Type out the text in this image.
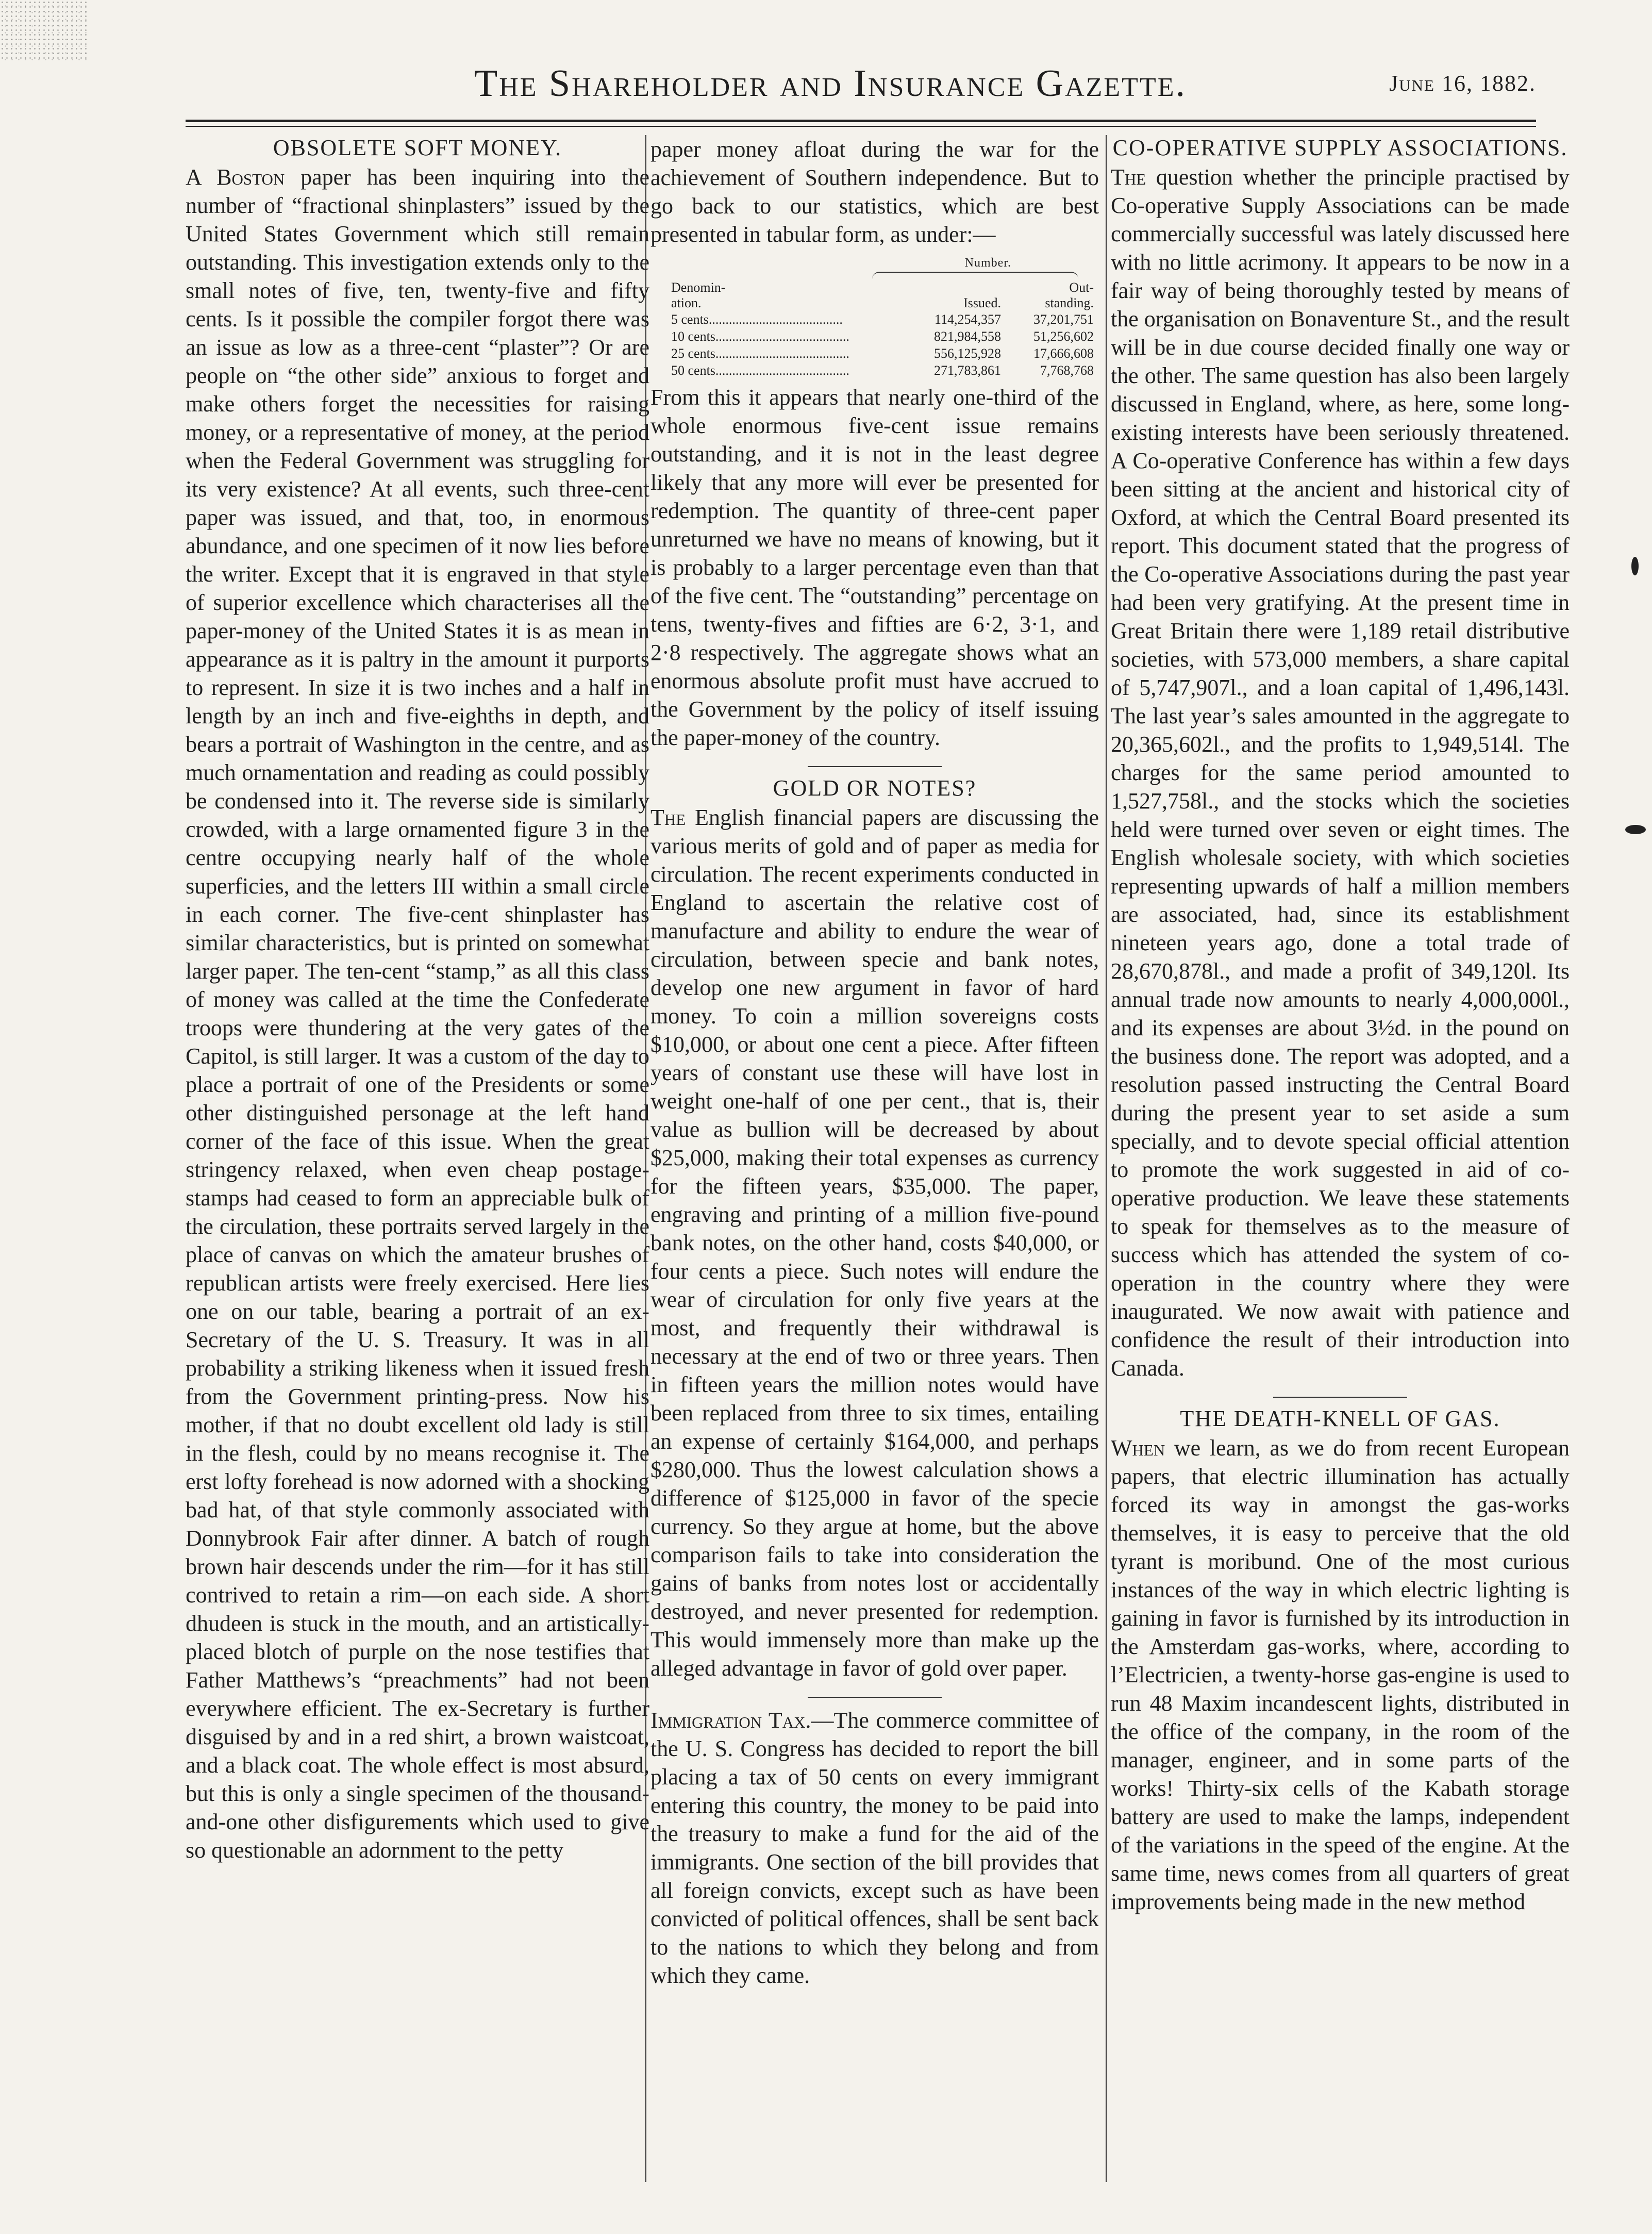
The Shareholder and Insurance Gazette.	June 16, 1882.
OBSOLETE SOFT MONEY.

A Boston paper has been inquiring into the number of “fractional shinplasters” issued by the United States Government which still remain outstanding. This investigation extends only to the small notes of five, ten, twenty-five and fifty cents. Is it possible the compiler forgot there was an issue as low as a three-cent “plaster”? Or are people on “the other side” anxious to forget and make others forget the necessities for raising money, or a representative of money, at the period when the Federal Government was struggling for its very existence? At all events, such three-cent paper was issued, and that, too, in enormous abundance, and one specimen of it now lies before the writer. Except that it is engraved in that style of superior excellence which characterises all the paper-money of the United States it is as mean in appearance as it is paltry in the amount it purports to represent. In size it is two inches and a half in length by an inch and five-eighths in depth, and bears a portrait of Washington in the centre, and as much ornamentation and reading as could possibly be condensed into it. The reverse side is similarly crowded, with a large ornamented figure 3 in the centre occupying nearly half of the whole superficies, and the letters III within a small circle in each corner. The five-cent shinplaster has similar characteristics, but is printed on somewhat larger paper. The ten-cent “stamp,” as all this class of money was called at the time the Confederate troops were thundering at the very gates of the Capitol, is still larger. It was a custom of the day to place a portrait of one of the Presidents or some other distinguished personage at the left hand corner of the face of this issue. When the great stringency relaxed, when even cheap postage-stamps had ceased to form an appreciable bulk of the circulation, these portraits served largely in the place of canvas on which the amateur brushes of republican artists were freely exercised. Here lies one on our table, bearing a portrait of an ex-Secretary of the U. S. Treasury. It was in all probability a striking likeness when it issued fresh from the Government printing-press. Now his mother, if that no doubt excellent old lady is still in the flesh, could by no means recognise it. The erst lofty forehead is now adorned with a shocking bad hat, of that style commonly associated with Donnybrook Fair after dinner. A batch of rough brown hair descends under the rim—for it has still contrived to retain a rim—on each side. A short dhudeen is stuck in the mouth, and an artistically-placed blotch of purple on the nose testifies that Father Matthews’s “preachments” had not been everywhere efficient. The ex-Secretary is further disguised by and in a red shirt, a brown waistcoat, and a black coat. The whole effect is most absurd, but this is only a single specimen of the thousand-and-one other disfigurements which used to give so questionable an adornment to the petty

paper money afloat during the war for the achievement of Southern independence. But to go back to our statistics, which are best presented in tabular form, as under:—

Number.
Denomin-	Out-
ation.	Issued.	standing.
5 cents........................................	114,254,357	37,201,751
10 cents........................................	821,984,558	51,256,602
25 cents........................................	556,125,928	17,666,608
50 cents........................................	271,783,861	7,768,768

From this it appears that nearly one-third of the whole enormous five-cent issue remains outstanding, and it is not in the least degree likely that any more will ever be presented for redemption. The quantity of three-cent paper unreturned we have no means of knowing, but it is probably to a larger percentage even than that of the five cent. The “outstanding” percentage on tens, twenty-fives and fifties are 6·2, 3·1, and 2·8 respectively. The aggregate shows what an enormous absolute profit must have accrued to the Government by the policy of itself issuing the paper-money of the country.

GOLD OR NOTES?

The English financial papers are discussing the various merits of gold and of paper as media for circulation. The recent experiments conducted in England to ascertain the relative cost of manufacture and ability to endure the wear of circulation, between specie and bank notes, develop one new argument in favor of hard money. To coin a million sovereigns costs $10,000, or about one cent a piece. After fifteen years of constant use these will have lost in weight one-half of one per cent., that is, their value as bullion will be decreased by about $25,000, making their total expenses as currency for the fifteen years, $35,000. The paper, engraving and printing of a million five-pound bank notes, on the other hand, costs $40,000, or four cents a piece. Such notes will endure the wear of circulation for only five years at the most, and frequently their withdrawal is necessary at the end of two or three years. Then in fifteen years the million notes would have been replaced from three to six times, entailing an expense of certainly $164,000, and perhaps $280,000. Thus the lowest calculation shows a difference of $125,000 in favor of the specie currency. So they argue at home, but the above comparison fails to take into consideration the gains of banks from notes lost or accidentally destroyed, and never presented for redemption. This would immensely more than make up the alleged advantage in favor of gold over paper.

Immigration Tax.—The commerce committee of the U. S. Congress has decided to report the bill placing a tax of 50 cents on every immigrant entering this country, the money to be paid into the treasury to make a fund for the aid of the immigrants. One section of the bill provides that all foreign convicts, except such as have been convicted of political offences, shall be sent back to the nations to which they belong and from which they came.

CO-OPERATIVE SUPPLY ASSOCIATIONS.

The question whether the principle practised by Co-operative Supply Associations can be made commercially successful was lately discussed here with no little acrimony. It appears to be now in a fair way of being thoroughly tested by means of the organisation on Bonaventure St., and the result will be in due course decided finally one way or the other. The same question has also been largely discussed in England, where, as here, some long-existing interests have been seriously threatened. A Co-operative Conference has within a few days been sitting at the ancient and historical city of Oxford, at which the Central Board presented its report. This document stated that the progress of the Co-operative Associations during the past year had been very gratifying. At the present time in Great Britain there were 1,189 retail distributive societies, with 573,000 members, a share capital of 5,747,907l., and a loan capital of 1,496,143l. The last year’s sales amounted in the aggregate to 20,365,602l., and the profits to 1,949,514l. The charges for the same period amounted to 1,527,758l., and the stocks which the societies held were turned over seven or eight times. The English wholesale society, with which societies representing upwards of half a million members are associated, had, since its establishment nineteen years ago, done a total trade of 28,670,878l., and made a profit of 349,120l. Its annual trade now amounts to nearly 4,000,000l., and its expenses are about 3½d. in the pound on the business done. The report was adopted, and a resolution passed instructing the Central Board during the present year to set aside a sum specially, and to devote special official attention to promote the work suggested in aid of co-operative production. We leave these statements to speak for themselves as to the measure of success which has attended the system of co-operation in the country where they were inaugurated. We now await with patience and confidence the result of their introduction into Canada.

THE DEATH-KNELL OF GAS.

When we learn, as we do from recent European papers, that electric illumination has actually forced its way in amongst the gas-works themselves, it is easy to perceive that the old tyrant is moribund. One of the most curious instances of the way in which electric lighting is gaining in favor is furnished by its introduction in the Amsterdam gas-works, where, according to l’Electricien, a twenty-horse gas-engine is used to run 48 Maxim incandescent lights, distributed in the office of the company, in the room of the manager, engineer, and in some parts of the works! Thirty-six cells of the Kabath storage battery are used to make the lamps, independent of the variations in the speed of the engine. At the same time, news comes from all quarters of great improvements being made in the new method
